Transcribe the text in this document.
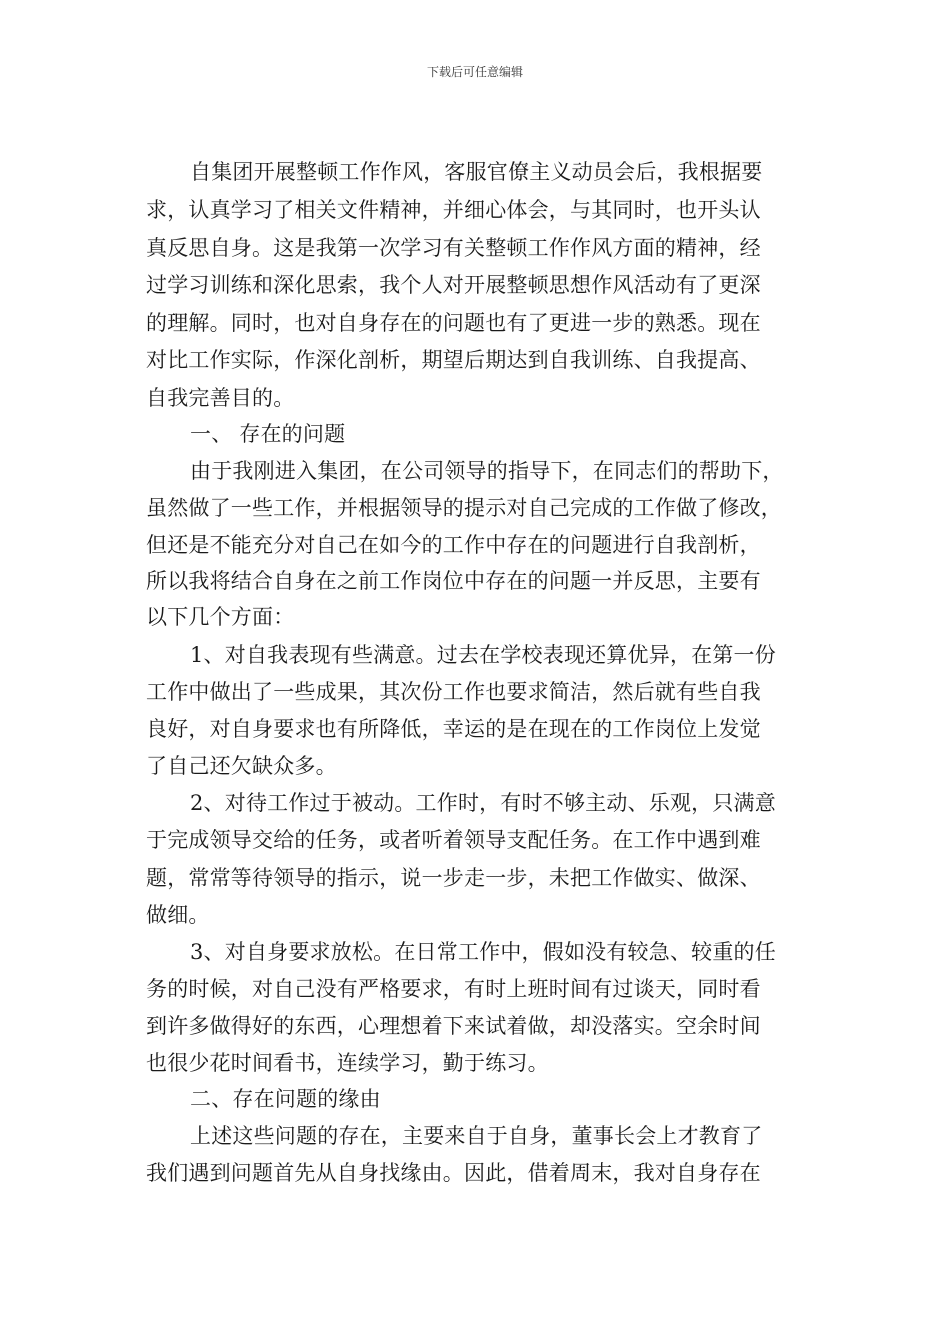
下载后可任意编辑
自集团开展整顿工作作风，客服官僚主义动员会后，我根据要
求，认真学习了相关文件精神，并细心体会，与其同时，也开头认
真反思自身。这是我第一次学习有关整顿工作作风方面的精神，经
过学习训练和深化思索，我个人对开展整顿思想作风活动有了更深
的理解。同时，也对自身存在的问题也有了更进一步的熟悉。现在
对比工作实际，作深化剖析，期望后期达到自我训练、自我提高、
自我完善目的。
一、 存在的问题
由于我刚进入集团，在公司领导的指导下，在同志们的帮助下，
虽然做了一些工作，并根据领导的提示对自己完成的工作做了修改，
但还是不能充分对自己在如今的工作中存在的问题进行自我剖析，
所以我将结合自身在之前工作岗位中存在的问题一并反思，主要有
以下几个方面：
1、对自我表现有些满意。过去在学校表现还算优异，在第一份
工作中做出了一些成果，其次份工作也要求简洁，然后就有些自我
良好，对自身要求也有所降低，幸运的是在现在的工作岗位上发觉
了自己还欠缺众多。
2、对待工作过于被动。工作时，有时不够主动、乐观，只满意
于完成领导交给的任务，或者听着领导支配任务。在工作中遇到难
题，常常等待领导的指示，说一步走一步，未把工作做实、做深、
做细。
3、对自身要求放松。在日常工作中，假如没有较急、较重的任
务的时候，对自己没有严格要求，有时上班时间有过谈天，同时看
到许多做得好的东西，心理想着下来试着做，却没落实。空余时间
也很少花时间看书，连续学习，勤于练习。
二、存在问题的缘由
上述这些问题的存在，主要来自于自身，董事长会上才教育了
我们遇到问题首先从自身找缘由。因此，借着周末，我对自身存在
